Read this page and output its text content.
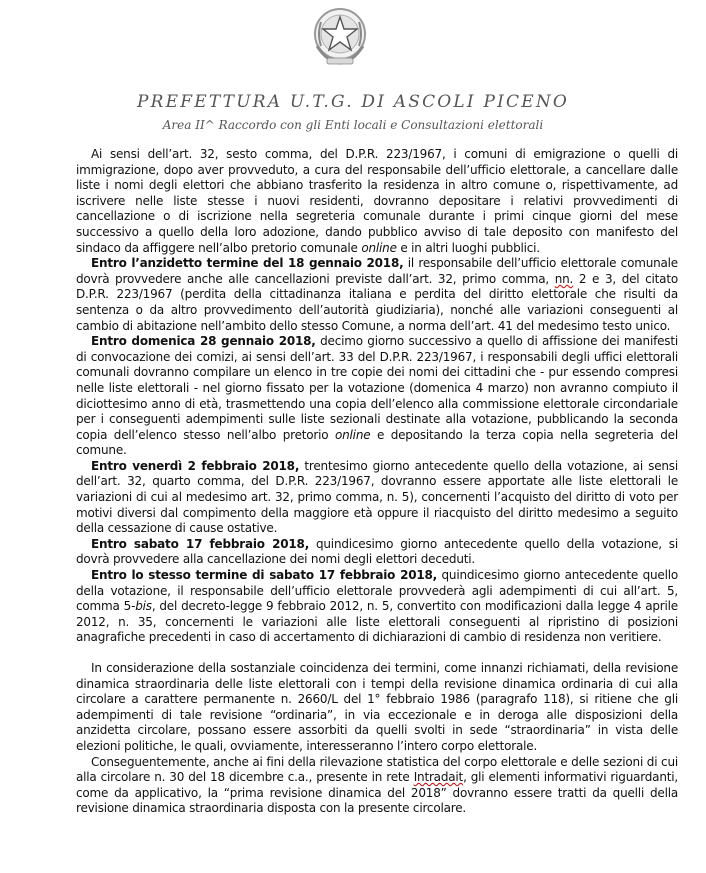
PREFETTURA U.T.G. DI ASCOLI PICENO
Area II^ Raccordo con gli Enti locali e Consultazioni elettorali

Ai sensi dell’art. 32, sesto comma, del D.P.R. 223/1967, i comuni di emigrazione o quelli di immigrazione, dopo aver provveduto, a cura del responsabile dell’ufficio elettorale, a cancellare dalle liste i nomi degli elettori che abbiano trasferito la residenza in altro comune o, rispettivamente, ad iscrivere nelle liste stesse i nuovi residenti, dovranno depositare i relativi provvedimenti di cancellazione o di iscrizione nella segreteria comunale durante i primi cinque giorni del mese successivo a quello della loro adozione, dando pubblico avviso di tale deposito con manifesto del sindaco da affiggere nell’albo pretorio comunale online e in altri luoghi pubblici.

Entro l’anzidetto termine del 18 gennaio 2018, il responsabile dell’ufficio elettorale comunale dovrà provvedere anche alle cancellazioni previste dall’art. 32, primo comma, nn. 2 e 3, del citato D.P.R. 223/1967 (perdita della cittadinanza italiana e perdita del diritto elettorale che risulti da sentenza o da altro provvedimento dell’autorità giudiziaria), nonché alle variazioni conseguenti al cambio di abitazione nell’ambito dello stesso Comune, a norma dell’art. 41 del medesimo testo unico.

Entro domenica 28 gennaio 2018, decimo giorno successivo a quello di affissione dei manifesti di convocazione dei comizi, ai sensi dell’art. 33 del D.P.R. 223/1967, i responsabili degli uffici elettorali comunali dovranno compilare un elenco in tre copie dei nomi dei cittadini che - pur essendo compresi nelle liste elettorali - nel giorno fissato per la votazione (domenica 4 marzo) non avranno compiuto il diciottesimo anno di età, trasmettendo una copia dell’elenco alla commissione elettorale circondariale per i conseguenti adempimenti sulle liste sezionali destinate alla votazione, pubblicando la seconda copia dell’elenco stesso nell’albo pretorio online e depositando la terza copia nella segreteria del comune.

Entro venerdì 2 febbraio 2018, trentesimo giorno antecedente quello della votazione, ai sensi dell’art. 32, quarto comma, del D.P.R. 223/1967, dovranno essere apportate alle liste elettorali le variazioni di cui al medesimo art. 32, primo comma, n. 5), concernenti l’acquisto del diritto di voto per motivi diversi dal compimento della maggiore età oppure il riacquisto del diritto medesimo a seguito della cessazione di cause ostative.

Entro sabato 17 febbraio 2018, quindicesimo giorno antecedente quello della votazione, si dovrà provvedere alla cancellazione dei nomi degli elettori deceduti.

Entro lo stesso termine di sabato 17 febbraio 2018, quindicesimo giorno antecedente quello della votazione, il responsabile dell’ufficio elettorale provvederà agli adempimenti di cui all’art. 5, comma 5-bis, del decreto-legge 9 febbraio 2012, n. 5, convertito con modificazioni dalla legge 4 aprile 2012, n. 35, concernenti le variazioni alle liste elettorali conseguenti al ripristino di posizioni anagrafiche precedenti in caso di accertamento di dichiarazioni di cambio di residenza non veritiere.

In considerazione della sostanziale coincidenza dei termini, come innanzi richiamati, della revisione dinamica straordinaria delle liste elettorali con i tempi della revisione dinamica ordinaria di cui alla circolare a carattere permanente n. 2660/L del 1° febbraio 1986 (paragrafo 118), si ritiene che gli adempimenti di tale revisione “ordinaria”, in via eccezionale e in deroga alle disposizioni della anzidetta circolare, possano essere assorbiti da quelli svolti in sede “straordinaria” in vista delle elezioni politiche, le quali, ovviamente, interesseranno l’intero corpo elettorale.

Conseguentemente, anche ai fini della rilevazione statistica del corpo elettorale e delle sezioni di cui alla circolare n. 30 del 18 dicembre c.a., presente in rete Intradait, gli elementi informativi riguardanti, come da applicativo, la “prima revisione dinamica del 2018” dovranno essere tratti da quelli della revisione dinamica straordinaria disposta con la presente circolare.
